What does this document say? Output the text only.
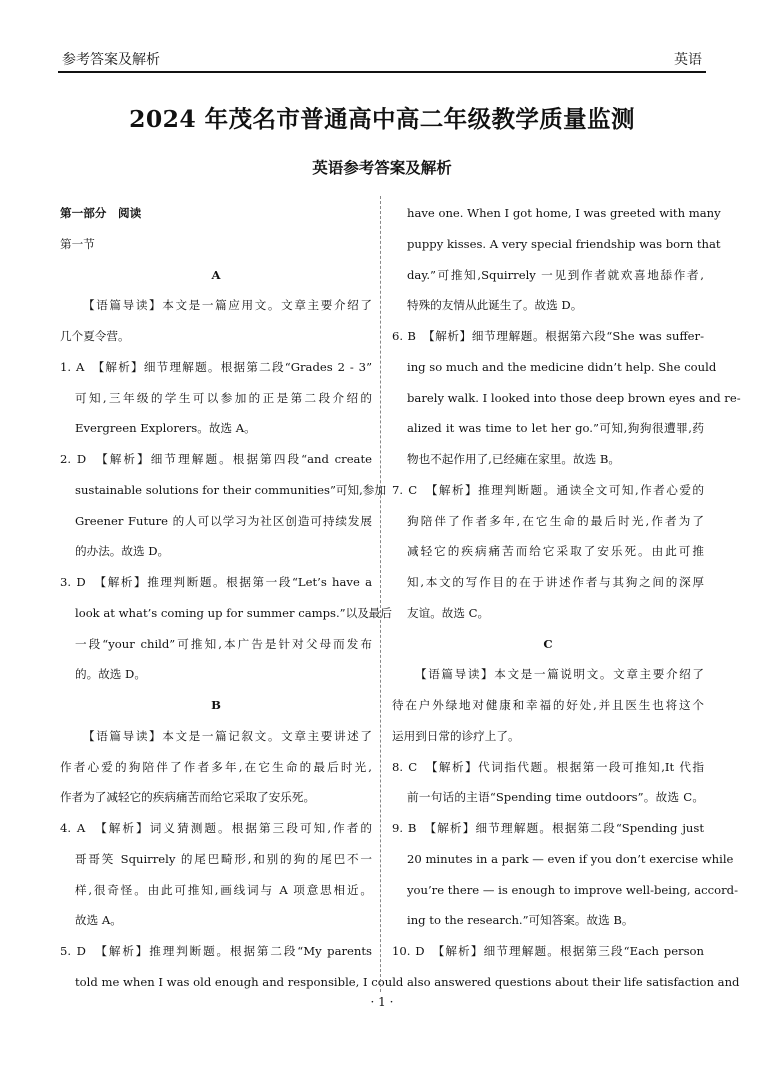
参考答案及解析	英语
2024 年茂名市普通高中高二年级教学质量监测
英语参考答案及解析
第一部分　阅读
第一节
A
【语篇导读】本文是一篇应用文。文章主要介绍了
几个夏令营。
1. A　【解析】细节理解题。根据第二段“Grades 2 - 3”
可知,三年级的学生可以参加的正是第二段介绍的
Evergreen Explorers。故选 A。
2. D　【解析】细节理解题。根据第四段“and create
sustainable solutions for their communities”可知,参加
Greener Future 的人可以学习为社区创造可持续发展
的办法。故选 D。
3. D　【解析】推理判断题。根据第一段“Let’s have a
look at what’s coming up for summer camps.”以及最后
一段“your child”可推知,本广告是针对父母而发布
的。故选 D。
B
【语篇导读】本文是一篇记叙文。文章主要讲述了
作者心爱的狗陪伴了作者多年,在它生命的最后时光,
作者为了减轻它的疾病痛苦而给它采取了安乐死。
4. A　【解析】词义猜测题。根据第三段可知,作者的
哥哥笑 Squirrely 的尾巴畸形,和别的狗的尾巴不一
样,很奇怪。由此可推知,画线词与 A 项意思相近。
故选 A。
5. D　【解析】推理判断题。根据第二段“My parents
told me when I was old enough and responsible, I could
have one. When I got home, I was greeted with many
puppy kisses. A very special friendship was born that
day.”可推知,Squirrely 一见到作者就欢喜地舔作者,
特殊的友情从此诞生了。故选 D。
6. B　【解析】细节理解题。根据第六段“She was suffer-
ing so much and the medicine didn’t help. She could
barely walk. I looked into those deep brown eyes and re-
alized it was time to let her go.”可知,狗狗很遭罪,药
物也不起作用了,已经瘫在家里。故选 B。
7. C　【解析】推理判断题。通读全文可知,作者心爱的
狗陪伴了作者多年,在它生命的最后时光,作者为了
减轻它的疾病痛苦而给它采取了安乐死。由此可推
知,本文的写作目的在于讲述作者与其狗之间的深厚
友谊。故选 C。
C
【语篇导读】本文是一篇说明文。文章主要介绍了
待在户外绿地对健康和幸福的好处,并且医生也将这个
运用到日常的诊疗上了。
8. C　【解析】代词指代题。根据第一段可推知,It 代指
前一句话的主语“Spending time outdoors”。故选 C。
9. B　【解析】细节理解题。根据第二段“Spending just
20 minutes in a park — even if you don’t exercise while
you’re there — is enough to improve well-being, accord-
ing to the research.”可知答案。故选 B。
10. D　【解析】细节理解题。根据第三段“Each person
also answered questions about their life satisfaction and
· 1 ·
